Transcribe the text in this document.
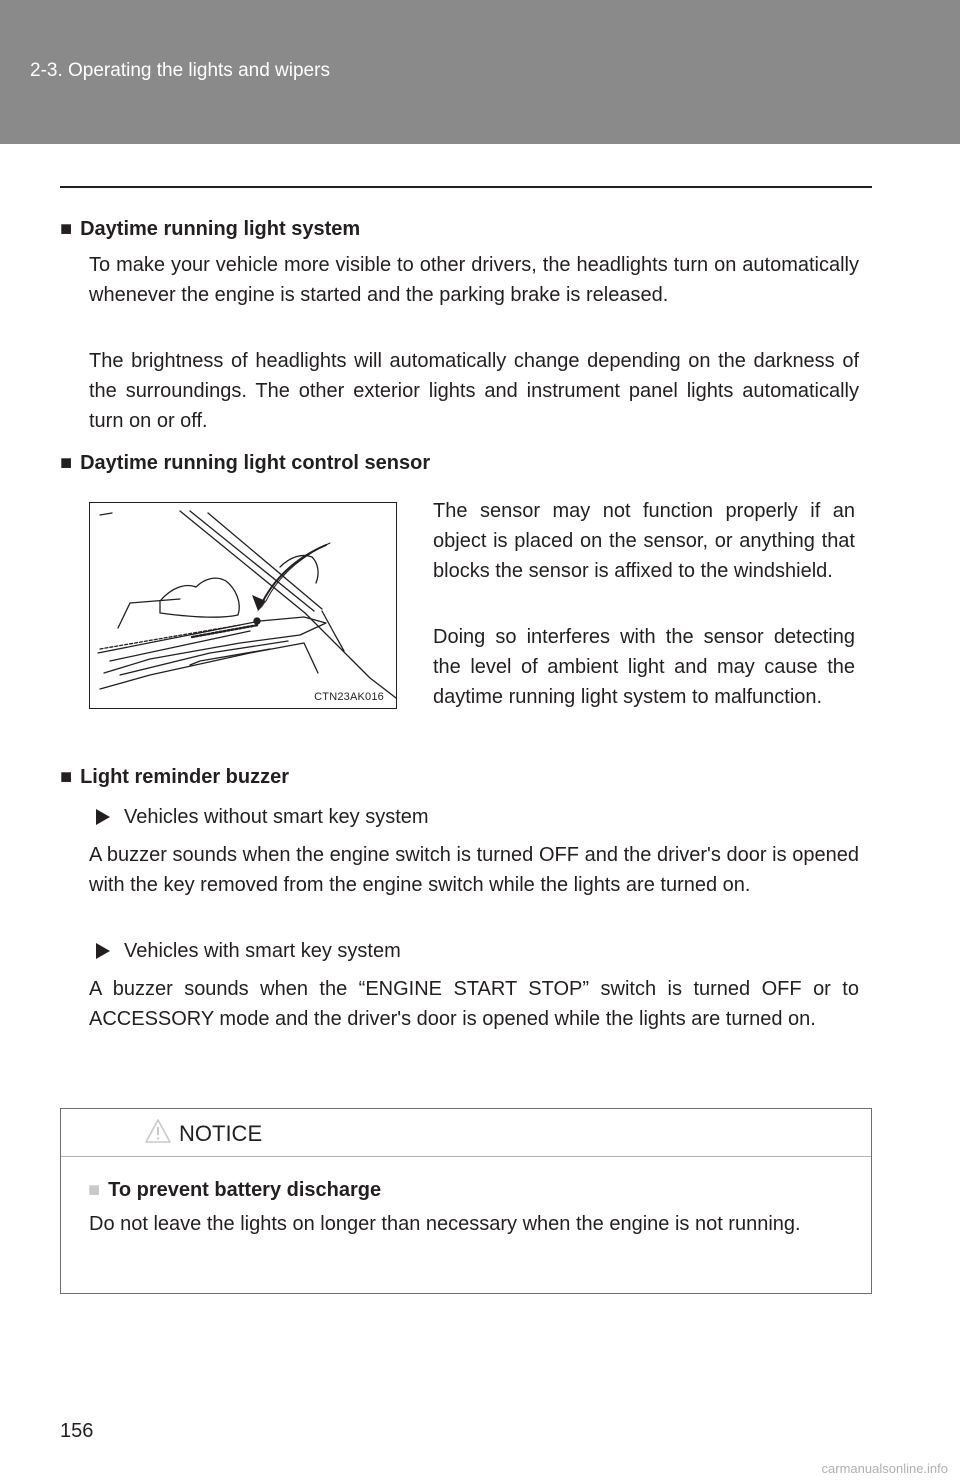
2-3. Operating the lights and wipers
■ Daytime running light system
To make your vehicle more visible to other drivers, the headlights turn on automatically whenever the engine is started and the parking brake is released.
The brightness of headlights will automatically change depending on the darkness of the surroundings. The other exterior lights and instrument panel lights automatically turn on or off.
■ Daytime running light control sensor
CTN23AK016
The sensor may not function properly if an object is placed on the sensor, or anything that blocks the sensor is affixed to the windshield.
Doing so interferes with the sensor detecting the level of ambient light and may cause the daytime running light system to malfunction.
■ Light reminder buzzer
Vehicles without smart key system
A buzzer sounds when the engine switch is turned OFF and the driver's door is opened with the key removed from the engine switch while the lights are turned on.
Vehicles with smart key system
A buzzer sounds when the “ENGINE START STOP” switch is turned OFF or to ACCESSORY mode and the driver's door is opened while the lights are turned on.
NOTICE
■ To prevent battery discharge
Do not leave the lights on longer than necessary when the engine is not running.
156
carmanualsonline.info
